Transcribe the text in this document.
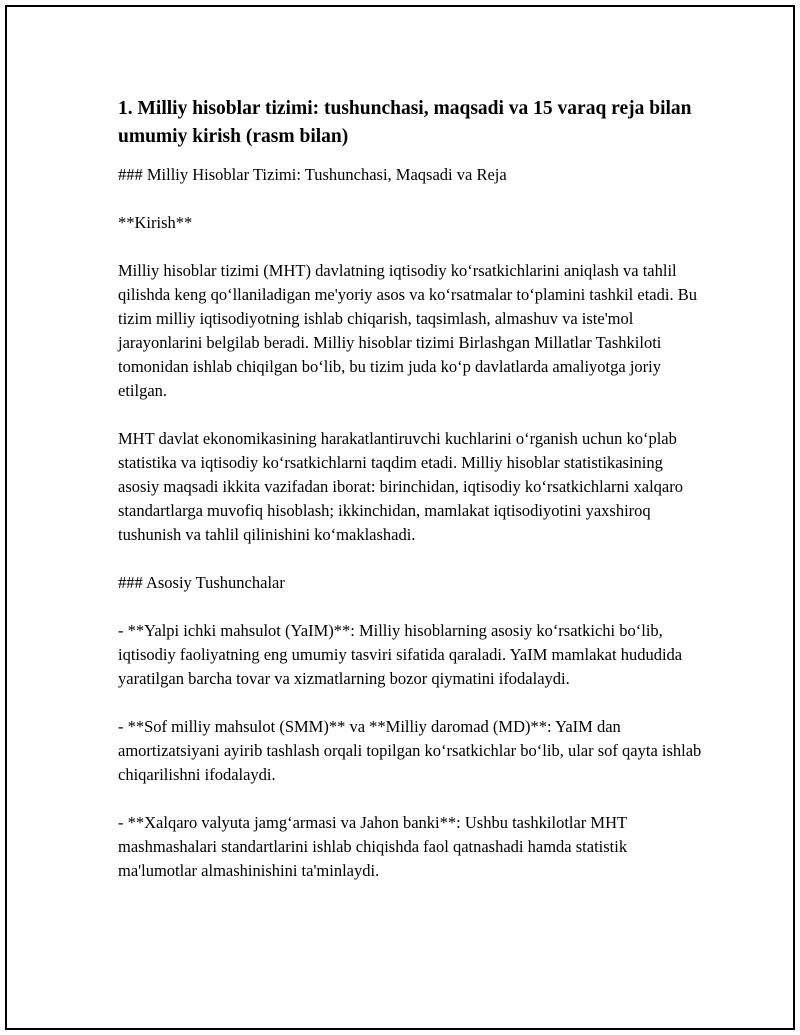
1. Milliy hisoblar tizimi: tushunchasi, maqsadi va 15 varaq reja bilan umumiy kirish (rasm bilan)

### Milliy Hisoblar Tizimi: Tushunchasi, Maqsadi va Reja

**Kirish**

Milliy hisoblar tizimi (MHT) davlatning iqtisodiy ko‘rsatkichlarini aniqlash va tahlil qilishda keng qo‘llaniladigan me'yoriy asos va ko‘rsatmalar to‘plamini tashkil etadi. Bu tizim milliy iqtisodiyotning ishlab chiqarish, taqsimlash, almashuv va iste'mol jarayonlarini belgilab beradi. Milliy hisoblar tizimi Birlashgan Millatlar Tashkiloti tomonidan ishlab chiqilgan bo‘lib, bu tizim juda ko‘p davlatlarda amaliyotga joriy etilgan.

MHT davlat ekonomikasining harakatlantiruvchi kuchlarini o‘rganish uchun ko‘plab statistika va iqtisodiy ko‘rsatkichlarni taqdim etadi. Milliy hisoblar statistikasining asosiy maqsadi ikkita vazifadan iborat: birinchidan, iqtisodiy ko‘rsatkichlarni xalqaro standartlarga muvofiq hisoblash; ikkinchidan, mamlakat iqtisodiyotini yaxshiroq tushunish va tahlil qilinishini ko‘maklashadi.

### Asosiy Tushunchalar

- **Yalpi ichki mahsulot (YaIM)**: Milliy hisoblarning asosiy ko‘rsatkichi bo‘lib, iqtisodiy faoliyatning eng umumiy tasviri sifatida qaraladi. YaIM mamlakat hududida yaratilgan barcha tovar va xizmatlarning bozor qiymatini ifodalaydi.

- **Sof milliy mahsulot (SMM)** va **Milliy daromad (MD)**: YaIM dan amortizatsiyani ayirib tashlash orqali topilgan ko‘rsatkichlar bo‘lib, ular sof qayta ishlab chiqarilishni ifodalaydi.

- **Xalqaro valyuta jamg‘armasi va Jahon banki**: Ushbu tashkilotlar MHT mashmashalari standartlarini ishlab chiqishda faol qatnashadi hamda statistik ma'lumotlar almashinishini ta'minlaydi.
